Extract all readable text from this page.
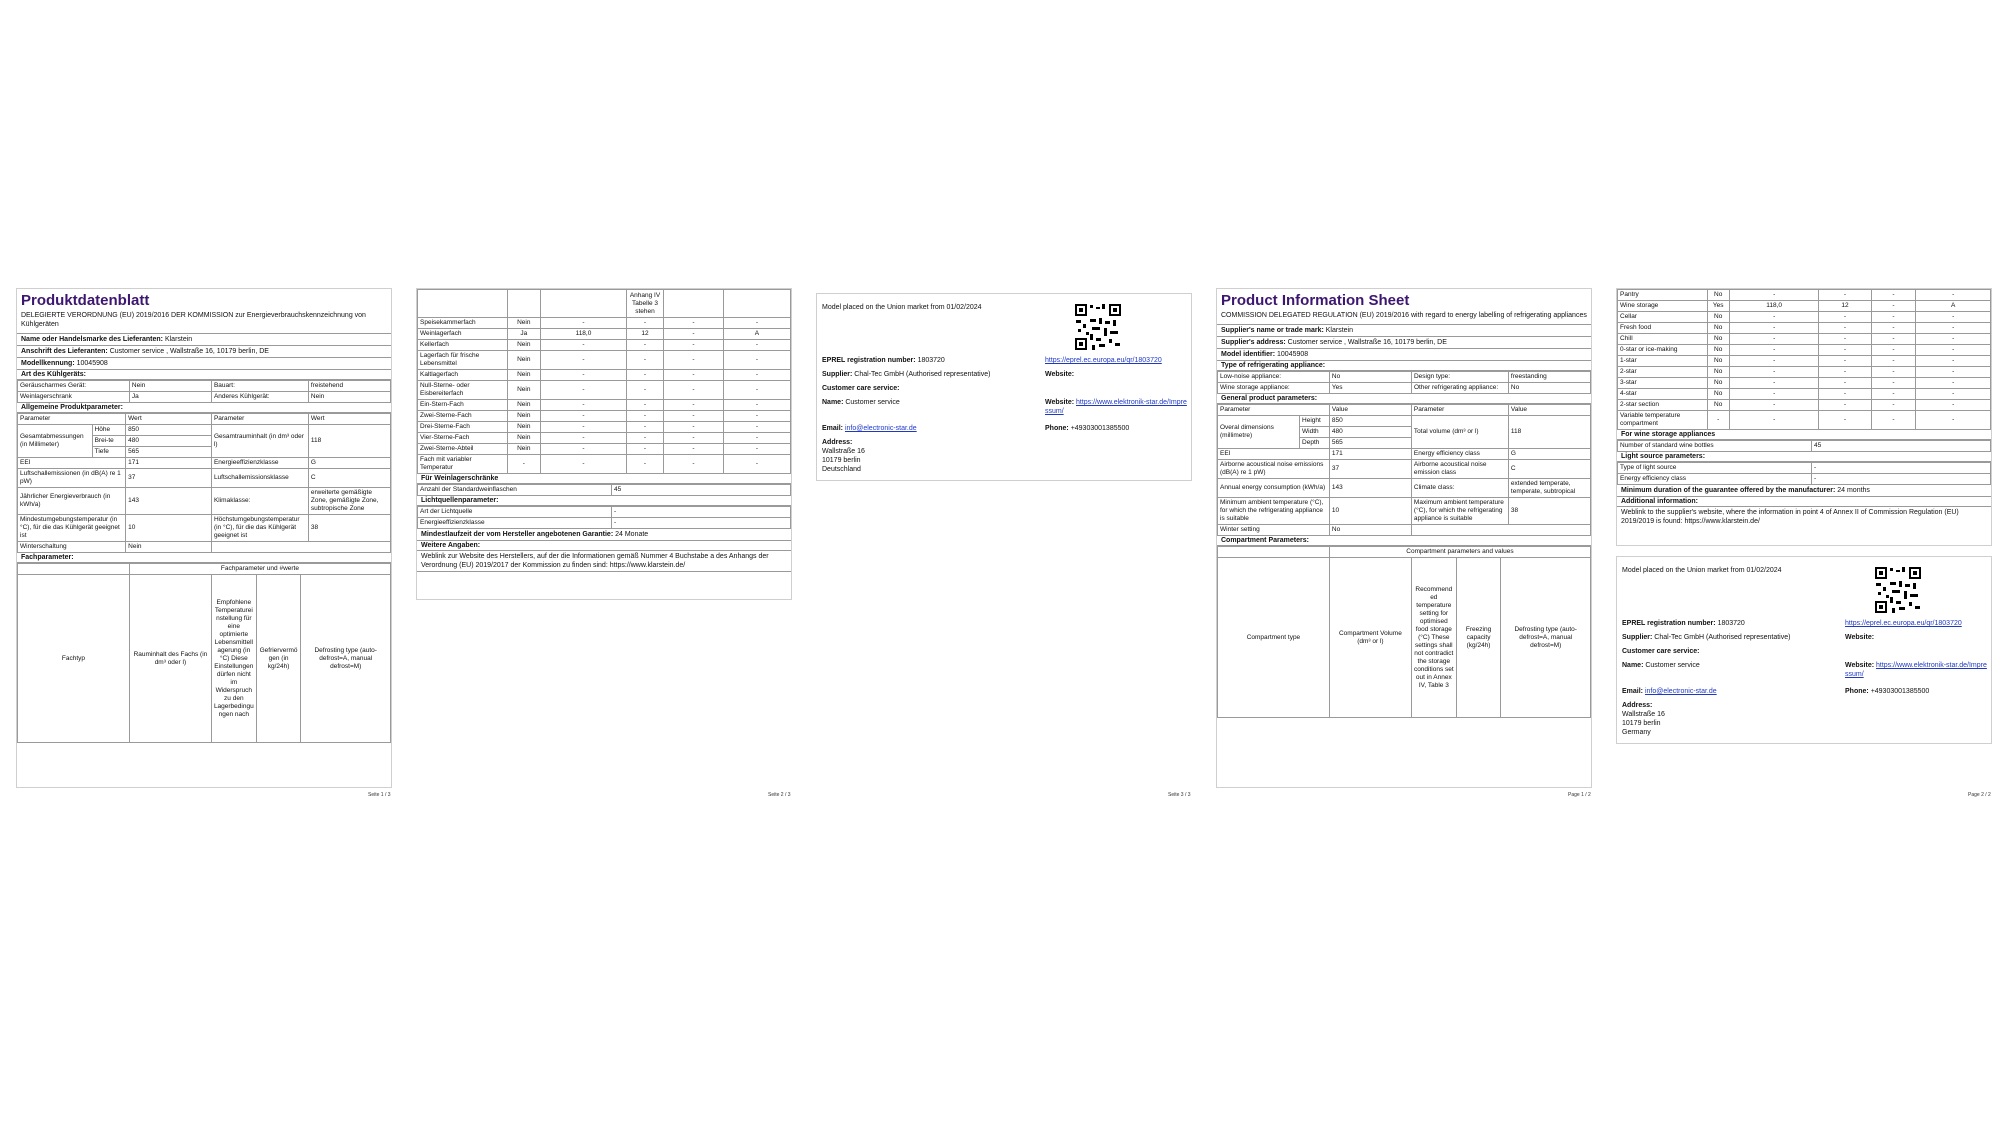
Produktdatenblatt
DELEGIERTE VERORDNUNG (EU) 2019/2016 DER KOMMISSION zur Energieverbrauchskennzeichnung von Kühlgeräten
Name oder Handelsmarke des Lieferanten: Klarstein
Anschrift des Lieferanten: Customer service , Wallstraße 16, 10179 berlin, DE
Modellkennung: 10045908
Art des Kühlgeräts:
Geräuscharmes Gerät:	Nein	Bauart:	freistehend
Weinlagerschrank	Ja	Anderes Kühlgerät:	Nein
Allgemeine Produktparameter:
Parameter		Wert	Parameter	Wert
Gesamtabmessungen (in Millimeter)	Höhe	850	Gesamtrauminhalt (in dm³ oder l)	118
	Brei-te	480		
	Tiefe	565		
EEI		171	Energieeffizienzklasse	G
Luftschallemissionen (in dB(A) re 1 pW)		37	Luftschallemissionsklasse	C
Jährlicher Energieverbrauch (in kWh/a)		143	Klimaklasse:	erweiterte gemäßigte Zone, gemäßigte Zone, subtropische Zone
Mindestumgebungstemperatur (in °C), für die das Kühlgerät geeignet ist		10	Höchstumgebungstemperatur (in °C), für die das Kühlgerät geeignet ist	38
Winterschaltung		Nein		
Fachparameter:
	Fachparameter und #werte			
Fachtyp	Rauminhalt des Fachs (in dm³ oder l)	Empfohlene Temperatureinstellung für eine optimierte Lebensmittellagerung (in °C) Diese Einstellungen dürfen nicht im Widerspruch zu den Lagerbedingungen nach	Gefriervermögen (in kg/24h)	Defrosting type (auto-defrost=A, manual defrost=M)
Seite 1 / 3
			Anhang IV Tabelle 3 stehen		
Speisekammerfach	Nein	-	-	-	-
Weinlagerfach	Ja	118,0	12	-	A
Kellerfach	Nein	-	-	-	-
Lagerfach für frische Lebensmittel	Nein	-	-	-	-
Kaltlagerfach	Nein	-	-	-	-
Null-Sterne- oder Eisbereiterfach	Nein	-	-	-	-
Ein-Stern-Fach	Nein	-	-	-	-
Zwei-Sterne-Fach	Nein	-	-	-	-
Drei-Sterne-Fach	Nein	-	-	-	-
Vier-Sterne-Fach	Nein	-	-	-	-
Zwei-Sterne-Abteil	Nein	-	-	-	-
Fach mit variabler Temperatur	-	-	-	-	-
Für Weinlagerschränke
Anzahl der Standardweinflaschen	45
Lichtquellenparameter:
Art der Lichtquelle	-
Energieeffizienzklasse	-
Mindestlaufzeit der vom Hersteller angebotenen Garantie: 24 Monate
Weitere Angaben:
Weblink zur Website des Herstellers, auf der die Informationen gemäß Nummer 4 Buchstabe a des Anhangs der Verordnung (EU) 2019/2017 der Kommission zu finden sind: https://www.klarstein.de/
Seite 2 / 3
Model placed on the Union market from 01/02/2024
EPREL registration number: 1803720	https://eprel.ec.europa.eu/qr/1803720
Supplier: Chal-Tec GmbH (Authorised representative)	Website:
Customer care service:
Name: Customer service	Website: https://www.elektronik-star.de/Impressum/
Email: info@electronic-star.de	Phone: +49303001385500
Address:
Wallstraße 16
10179 berlin
Deutschland
Seite 3 / 3
Product Information Sheet
COMMISSION DELEGATED REGULATION (EU) 2019/2016 with regard to energy labelling of refrigerating appliances
Supplier's name or trade mark: Klarstein
Supplier's address: Customer service , Wallstraße 16, 10179 berlin, DE
Model identifier: 10045908
Type of refrigerating appliance:
Low-noise appliance:	No	Design type:	freestanding
Wine storage appliance:	Yes	Other refrigerating appliance:	No
General product parameters:
Parameter		Value	Parameter	Value
Overal dimensions (millimetre)	Height	850	Total volume (dm³ or l)	118
	Width	480		
	Depth	565		
EEI		171	Energy efficiency class	G
Airborne acoustical noise emissions (dB(A) re 1 pW)		37	Airborne acoustical noise emission class	C
Annual energy consumption (kWh/a)		143	Climate class:	extended temperate, temperate, subtropical
Minimum ambient temperature (°C), for which the refrigerating appliance is suitable		10	Maximum ambient temperature (°C), for which the refrigerating appliance is suitable	38
Winter setting		No		
Compartment Parameters:
	Compartment parameters and values			
Compartment type	Compartment Volume (dm³ or l)	Recommended temperature setting for optimised food storage (°C) These settings shall not contradict the storage conditions set out in Annex IV, Table 3	Freezing capacity (kg/24h)	Defrosting type (auto-defrost=A, manual defrost=M)
Page 1 / 2
Pantry	No	-	-	-	-
Wine storage	Yes	118,0	12	-	A
Cellar	No	-	-	-	-
Fresh food	No	-	-	-	-
Chill	No	-	-	-	-
0-star or ice-making	No	-	-	-	-
1-star	No	-	-	-	-
2-star	No	-	-	-	-
3-star	No	-	-	-	-
4-star	No	-	-	-	-
2-star section	No	-	-	-	-
Variable temperature compartment	-	-	-	-	-
For wine storage appliances
Number of standard wine bottles	45
Light source parameters:
Type of light source	-
Energy efficiency class	-
Minimum duration of the guarantee offered by the manufacturer: 24 months
Additional information:
Weblink to the supplier's website, where the information in point 4 of Annex II of Commission Regulation (EU) 2019/2019 is found: https://www.klarstein.de/
Model placed on the Union market from 01/02/2024
EPREL registration number: 1803720	https://eprel.ec.europa.eu/qr/1803720
Supplier: Chal-Tec GmbH (Authorised representative)	Website:
Customer care service:
Name: Customer service	Website: https://www.elektronik-star.de/Impressum/
Email: info@electronic-star.de	Phone: +49303001385500
Address:
Wallstraße 16
10179 berlin
Germany
Page 2 / 2
